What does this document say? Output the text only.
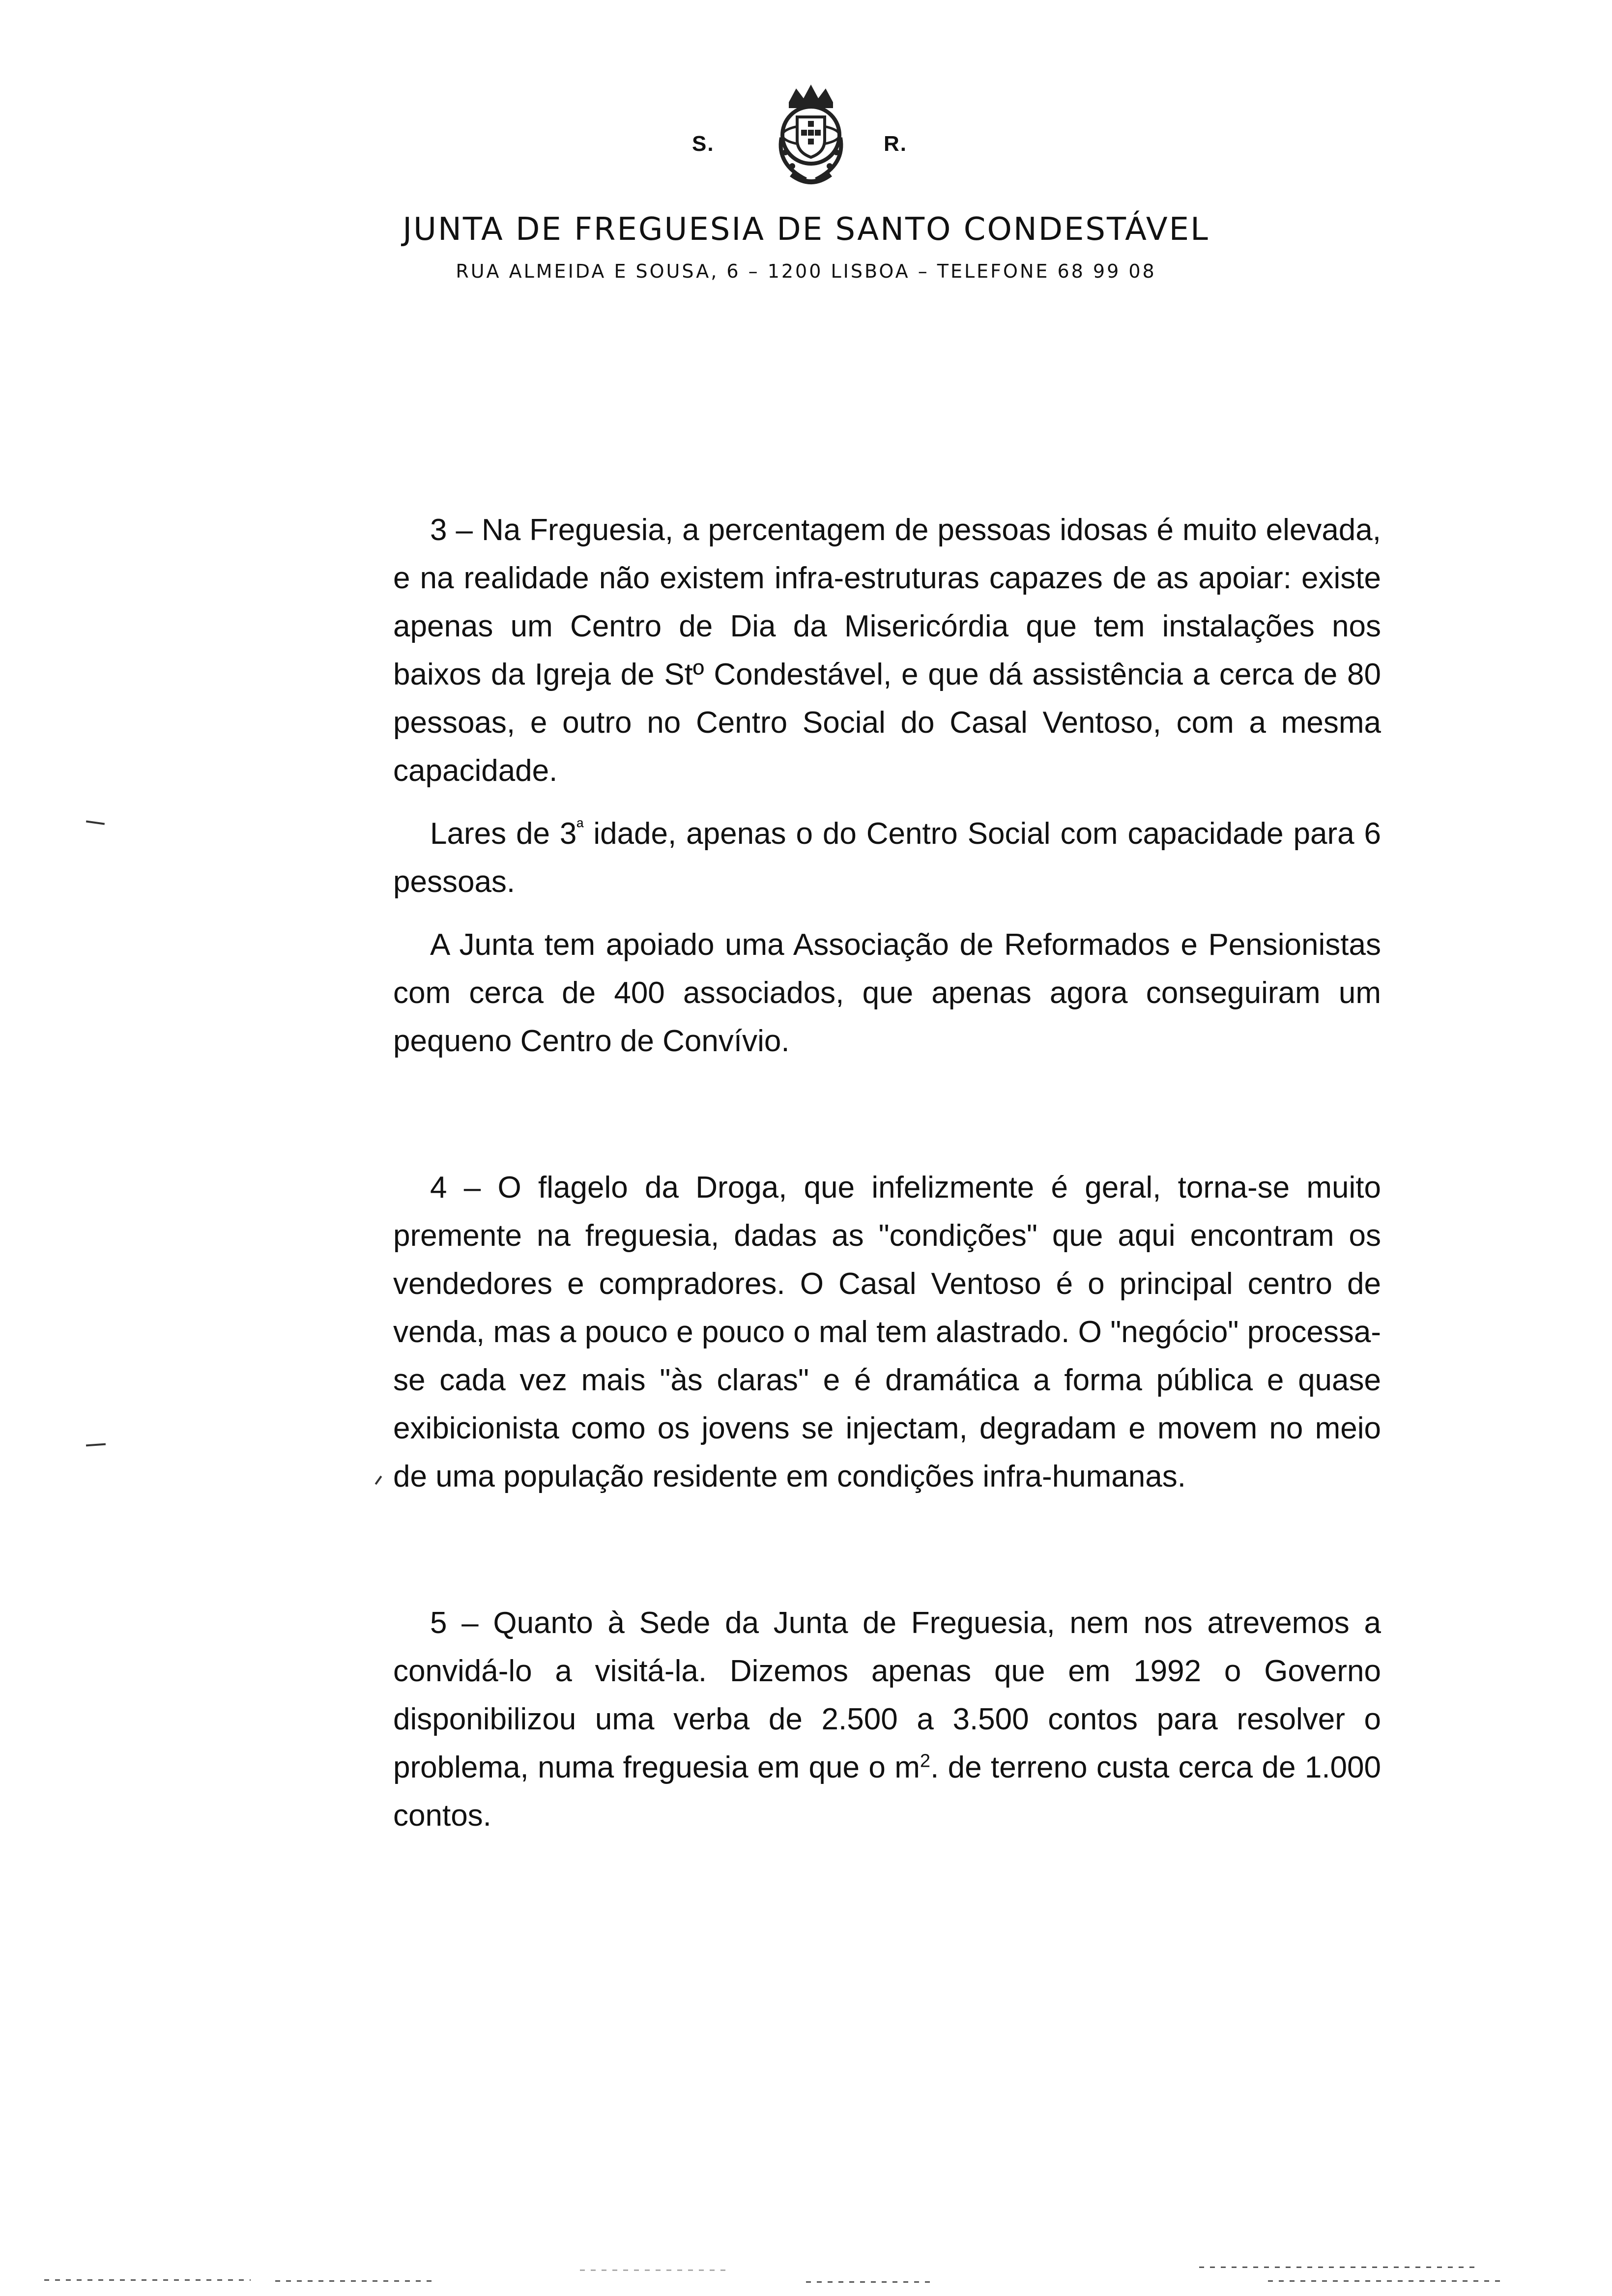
S.	R.
JUNTA DE FREGUESIA DE SANTO CONDESTÁVEL
RUA ALMEIDA E SOUSA, 6 – 1200 LISBOA – TELEFONE 68 99 08

3 – Na Freguesia, a percentagem de pessoas idosas é muito elevada, e na realidade não existem infra-estruturas capazes de as apoiar: existe apenas um Centro de Dia da Misericórdia que tem instalações nos baixos da Igreja de Stº Condestável, e que dá assistência a cerca de 80 pessoas, e outro no Centro Social do Casal Ventoso, com a mesma capacidade.

Lares de $3^ª$ idade, apenas o do Centro Social com capacidade para 6 pessoas.

A Junta tem apoiado uma Associação de Reformados e Pensionistas com cerca de 400 associados, que apenas agora conseguiram um pequeno Centro de Convívio.

4 – O flagelo da Droga, que infelizmente é geral, torna-se muito premente na freguesia, dadas as "condições" que aqui encontram os vendedores e compradores. O Casal Ventoso é o principal centro de venda, mas a pouco e pouco o mal tem alastrado. O "negócio" processa-se cada vez mais "às claras" e é dramática a forma pública e quase exibicionista como os jovens se injectam, degradam e movem no meio de uma população residente em condições infra-humanas.

5 – Quanto à Sede da Junta de Freguesia, nem nos atrevemos a convidá-lo a visitá-la. Dizemos apenas que em 1992 o Governo disponibilizou uma verba de 2.500 a 3.500 contos para resolver o problema, numa freguesia em que o $m^2$. de terreno custa cerca de 1.000 contos.
